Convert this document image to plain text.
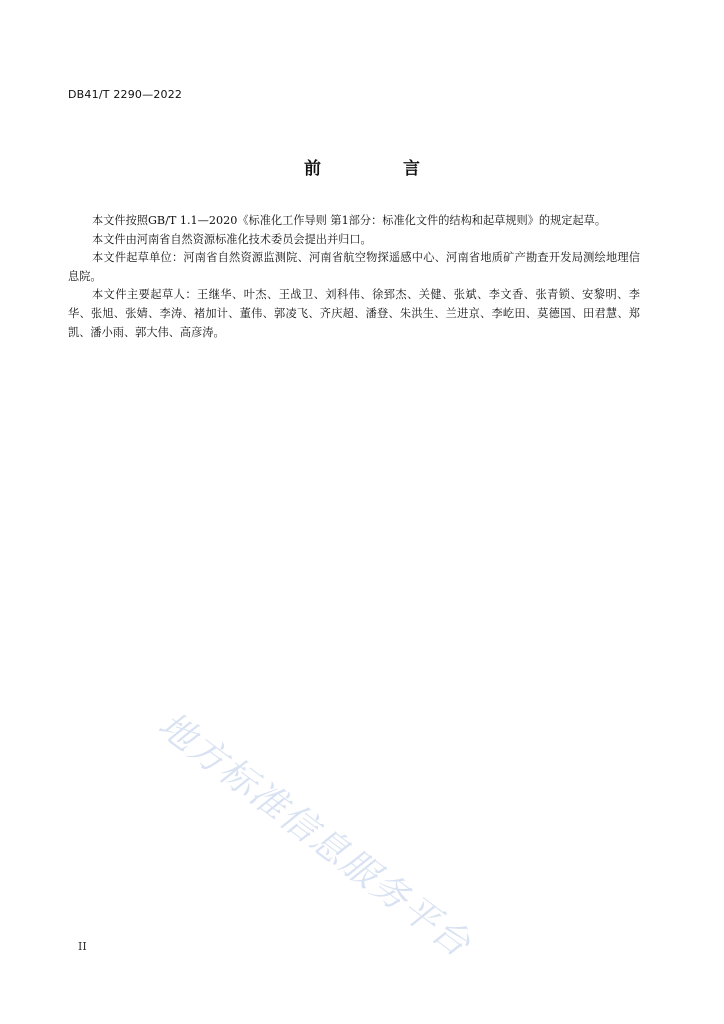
DB41/T 2290—2022
前 言

本文件按照GB/T 1.1—2020《标准化工作导则 第1部分：标准化文件的结构和起草规则》的规定起草。

本文件由河南省自然资源标准化技术委员会提出并归口。

本文件起草单位：河南省自然资源监测院、河南省航空物探遥感中心、河南省地质矿产勘查开发局测绘地理信息院。

本文件主要起草人：王继华、叶杰、王战卫、刘科伟、徐郅杰、关健、张斌、李文香、张青锁、安黎明、李华、张旭、张婧、李涛、褚加计、董伟、郭凌飞、齐庆超、潘登、朱洪生、兰进京、李屹田、莫德国、田君慧、郑凯、潘小雨、郭大伟、高彦涛。

地方标准信息服务平台
II
